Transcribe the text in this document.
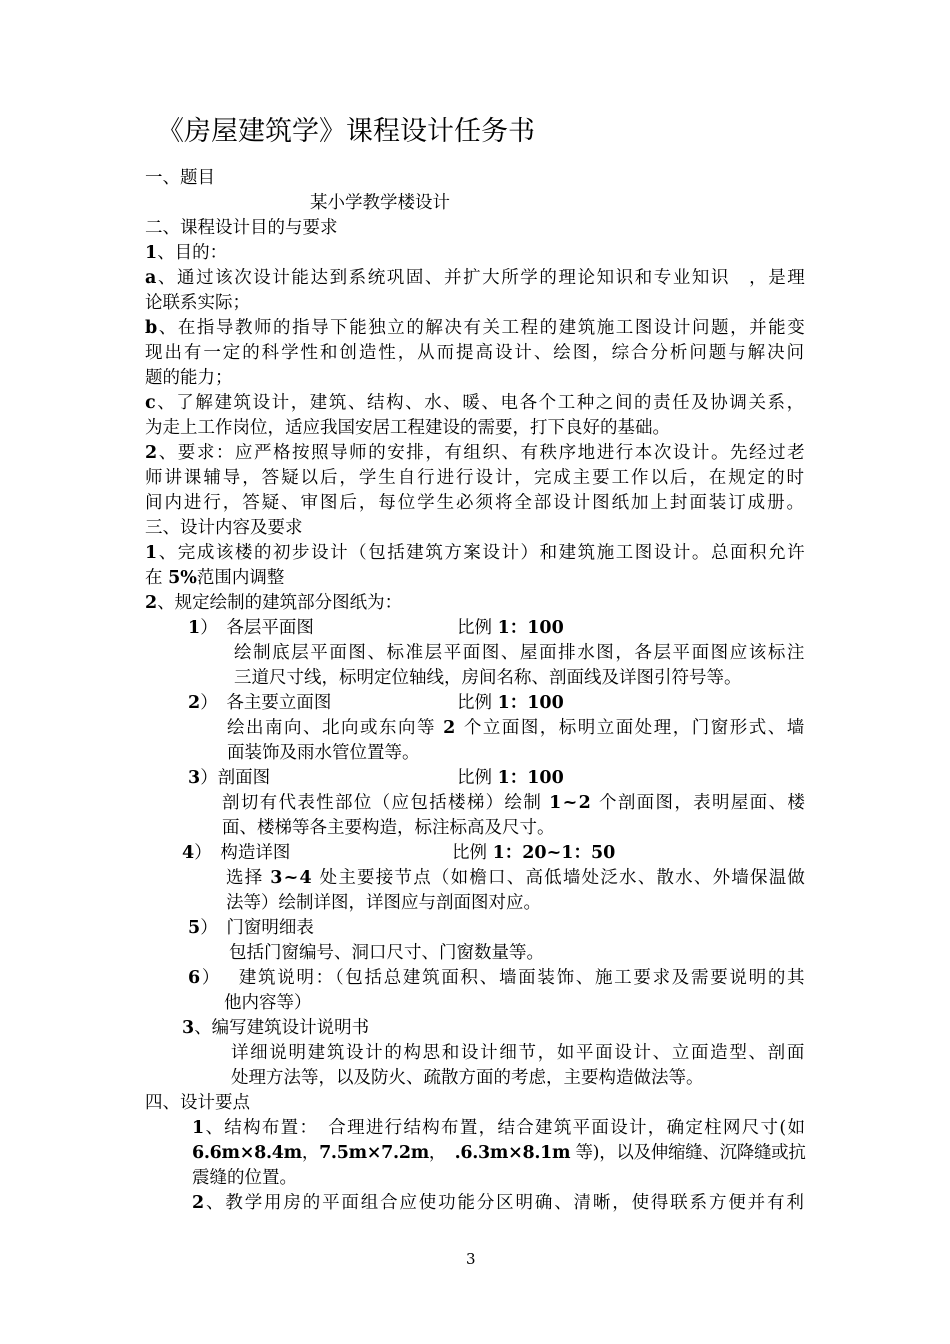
《房屋建筑学》课程设计任务书
一、题目
某小学教学楼设计
二、课程设计目的与要求
1、目的：
a、通过该次设计能达到系统巩固、并扩大所学的理论知识和专业知识　，是理
论联系实际；
b、在指导教师的指导下能独立的解决有关工程的建筑施工图设计问题，并能变
现出有一定的科学性和创造性，从而提高设计、绘图，综合分析问题与解决问
题的能力；
c、了解建筑设计，建筑、结构、水、暖、电各个工种之间的责任及协调关系，
为走上工作岗位，适应我国安居工程建设的需要，打下良好的基础。
2、要求：应严格按照导师的安排，有组织、有秩序地进行本次设计。先经过老
师讲课辅导，答疑以后，学生自行进行设计，完成主要工作以后，在规定的时
间内进行，答疑、审图后，每位学生必须将全部设计图纸加上封面装订成册。
三、设计内容及要求
1、完成该楼的初步设计（包括建筑方案设计）和建筑施工图设计。总面积允许
在 5%范围内调整
2、规定绘制的建筑部分图纸为：
1）　各层平面图	比例 1：100
绘制底层平面图、标准层平面图、屋面排水图，各层平面图应该标注
三道尺寸线，标明定位轴线，房间名称、剖面线及详图引符号等。
2）　各主要立面图	比例 1：100
绘出南向、北向或东向等 2 个立面图，标明立面处理，门窗形式、墙
面装饰及雨水管位置等。
3）剖面图	比例 1：100
剖切有代表性部位（应包括楼梯）绘制 1~2 个剖面图，表明屋面、楼
面、楼梯等各主要构造，标注标高及尺寸。
4）　构造详图	比例 1：20~1：50
选择 3~4 处主要接节点（如檐口、高低墙处泛水、散水、外墙保温做
法等）绘制详图，详图应与剖面图对应。
5）　门窗明细表
包括门窗编号、洞口尺寸、门窗数量等。
6）　 建筑说明：（包括总建筑面积、墙面装饰、施工要求及需要说明的其
他内容等）
3、编写建筑设计说明书
详细说明建筑设计的构思和设计细节，如平面设计、立面造型、剖面
处理方法等，以及防火、疏散方面的考虑，主要构造做法等。
四、设计要点
1、结构布置：　合理进行结构布置，结合建筑平面设计，确定柱网尺寸(如
6.6m×8.4m，7.5m×7.2m，　.6.3m×8.1m 等)，以及伸缩缝、沉降缝或抗
震缝的位置。
2、教学用房的平面组合应使功能分区明确、清晰，使得联系方便并有利
3
